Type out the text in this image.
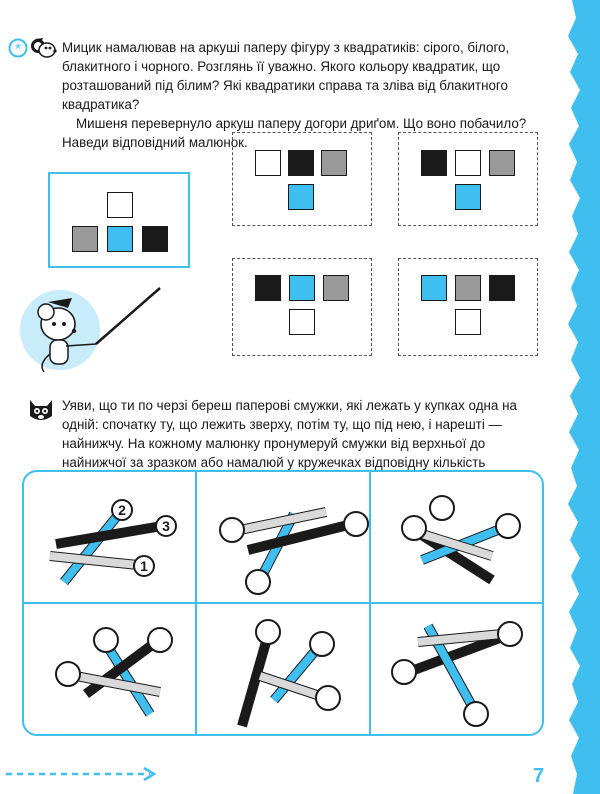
*	Мицик намалював на аркуші паперу фігуру з квадратиків: сірого, білого, блакитного і чорного. Розглянь її уважно. Якого кольору квадратик, що розташований під білим? Які квадратики справа та зліва від блакитного квадратика?
Мишеня перевернуло аркуш паперу догори дриґом. Що воно побачило? Наведи відповідний малюнок.
Уяви, що ти по черзі береш паперові смужки, які лежать у купках одна на одній: спочатку ту, що лежить зверху, потім ту, що під нею, і нарешті — найнижчу. На кожному малюнку пронумеруй смужки від верхньої до найнижчої за зразком або намалюй у кружечках відповідну кількість
2
3
1
7
